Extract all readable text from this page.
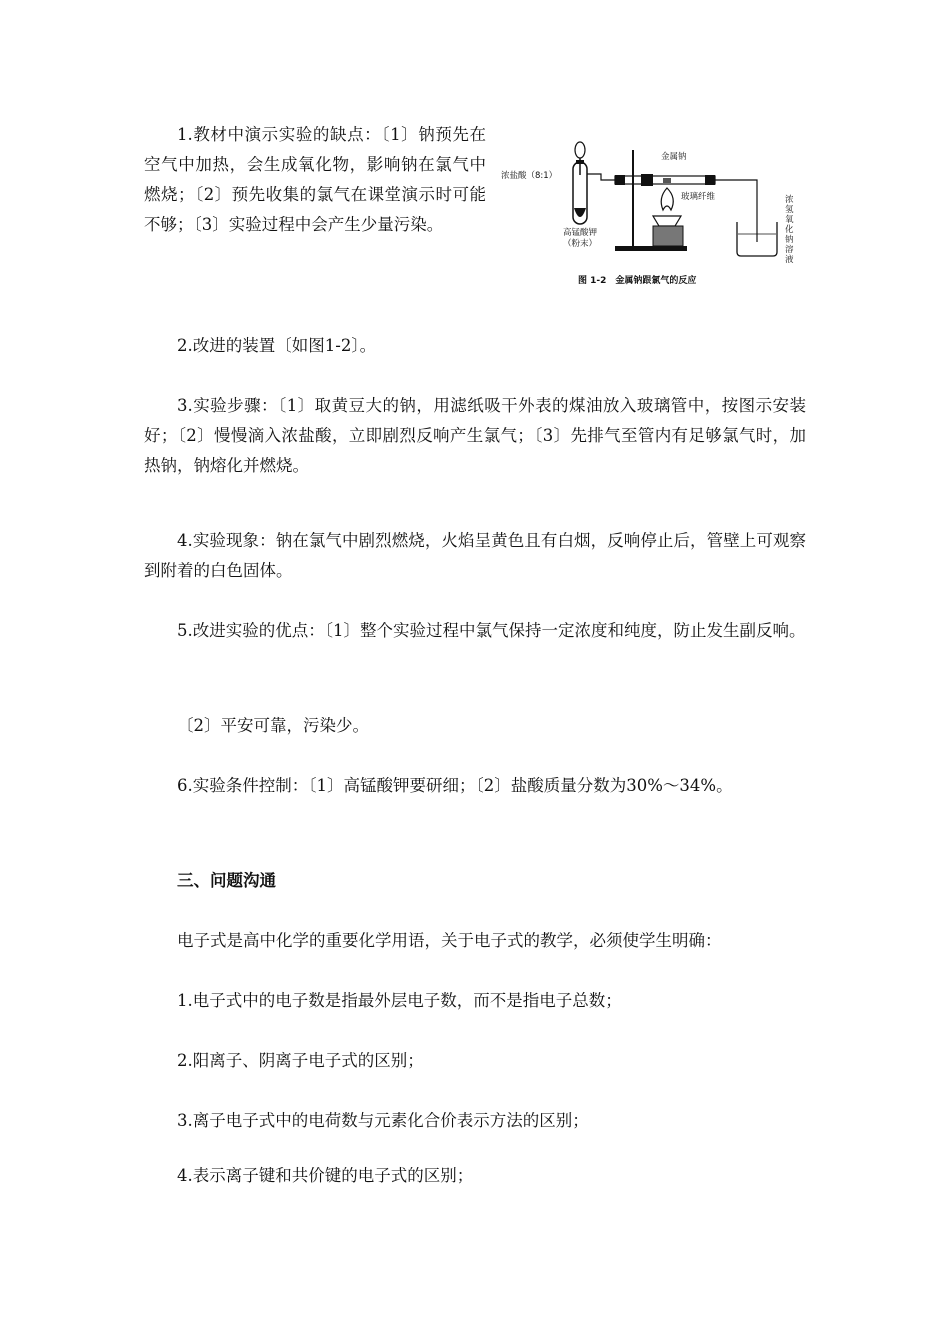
1.教材中演示实验的缺点：〔1〕钠预先在空气中加热，会生成氧化物，影响钠在氯气中燃烧；〔2〕预先收集的氯气在课堂演示时可能不够；〔3〕实验过程中会产生少量污染。

浓盐酸（8:1）
金属钠
玻璃纤维
高锰酸钾
（粉末）
浓
氢
氧
化
钠
溶
液
图 1-2　金属钠跟氯气的反应

2.改进的装置〔如图1-2〕。

3.实验步骤：〔1〕取黄豆大的钠，用滤纸吸干外表的煤油放入玻璃管中，按图示安装好；〔2〕慢慢滴入浓盐酸，立即剧烈反响产生氯气；〔3〕先排气至管内有足够氯气时，加热钠，钠熔化并燃烧。

4.实验现象：钠在氯气中剧烈燃烧，火焰呈黄色且有白烟，反响停止后，管壁上可观察到附着的白色固体。

5.改进实验的优点：〔1〕整个实验过程中氯气保持一定浓度和纯度，防止发生副反响。

〔2〕平安可靠，污染少。

6.实验条件控制：〔1〕高锰酸钾要研细；〔2〕盐酸质量分数为30%～34%。

三、问题沟通

电子式是高中化学的重要化学用语，关于电子式的教学，必须使学生明确：

1.电子式中的电子数是指最外层电子数，而不是指电子总数；

2.阳离子、阴离子电子式的区别；

3.离子电子式中的电荷数与元素化合价表示方法的区别；

4.表示离子键和共价键的电子式的区别；
